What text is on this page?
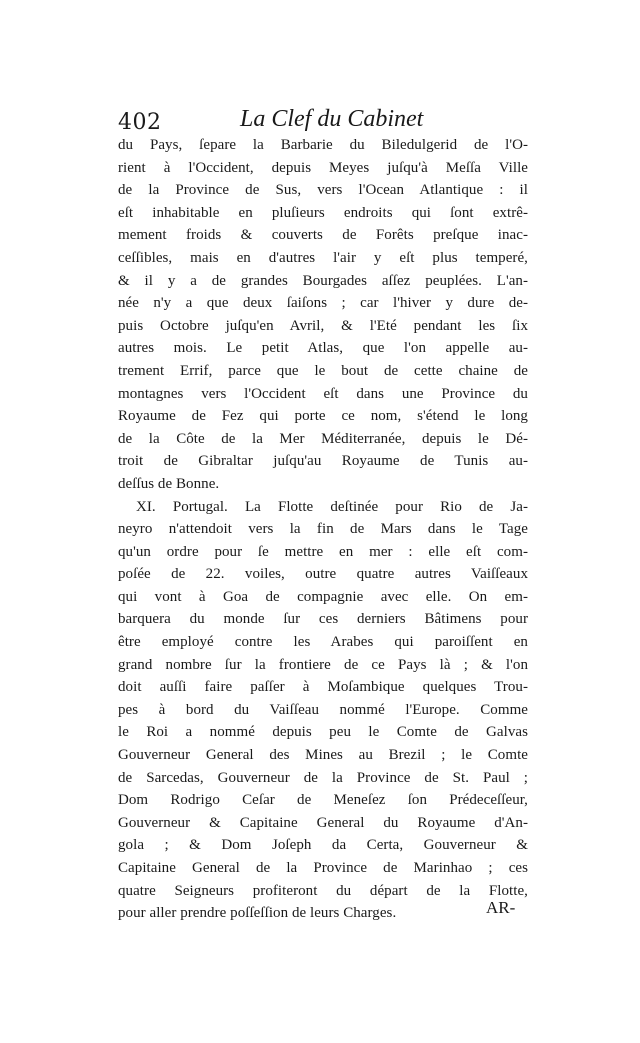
402	La Clef du Cabinet
du Pays, ſepare la Barbarie du Biledulgerid de l'O-
rient à l'Occident, depuis Meyes juſqu'à Meſſa Ville
de la Province de Sus, vers l'Ocean Atlantique : il
eſt inhabitable en pluſieurs endroits qui ſont extrê-
mement froids & couverts de Forêts preſque inac-
ceſſibles, mais en d'autres l'air y eſt plus temperé,
& il y a de grandes Bourgades aſſez peuplées. L'an-
née n'y a que deux ſaiſons ; car l'hiver y dure de-
puis Octobre juſqu'en Avril, & l'Eté pendant les ſix
autres mois. Le petit Atlas, que l'on appelle au-
trement Errif, parce que le bout de cette chaine de
montagnes vers l'Occident eſt dans une Province du
Royaume de Fez qui porte ce nom, s'étend le long
de la Côte de la Mer Méditerranée, depuis le Dé-
troit de Gibraltar juſqu'au Royaume de Tunis au-
deſſus de Bonne.
XI. Portugal. La Flotte deſtinée pour Rio de Ja-
neyro n'attendoit vers la fin de Mars dans le Tage
qu'un ordre pour ſe mettre en mer : elle eſt com-
poſée de 22. voiles, outre quatre autres Vaiſſeaux
qui vont à Goa de compagnie avec elle. On em-
barquera du monde ſur ces derniers Bâtimens pour
être employé contre les Arabes qui paroiſſent en
grand nombre ſur la frontiere de ce Pays là ; & l'on
doit auſſi faire paſſer à Moſambique quelques Trou-
pes à bord du Vaiſſeau nommé l'Europe. Comme
le Roi a nommé depuis peu le Comte de Galvas
Gouverneur General des Mines au Brezil ; le Comte
de Sarcedas, Gouverneur de la Province de St. Paul ;
Dom Rodrigo Ceſar de Meneſez ſon Prédeceſſeur,
Gouverneur & Capitaine General du Royaume d'An-
gola ; & Dom Joſeph da Certa, Gouverneur &
Capitaine General de la Province de Marinhao ; ces
quatre Seigneurs profiteront du départ de la Flotte,
pour aller prendre poſſeſſion de leurs Charges.	AR-
